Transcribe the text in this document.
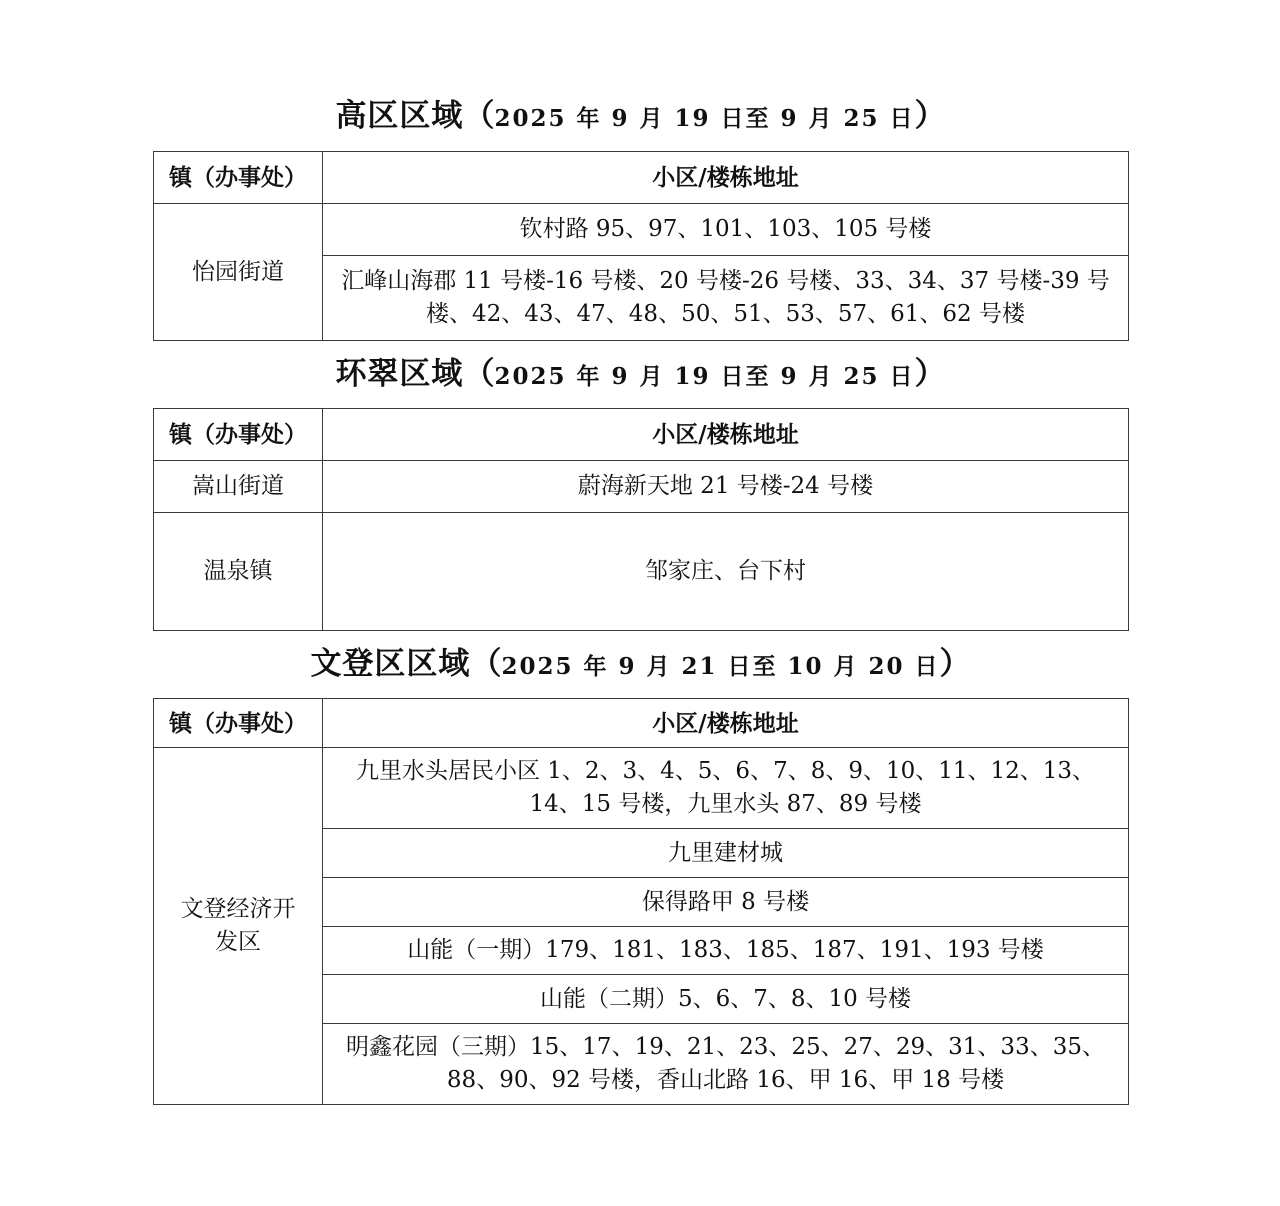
高区区域（2025 年 9 月 19 日至 9 月 25 日）
镇（办事处）	小区/楼栋地址
怡园街道	钦村路 95、97、101、103、105 号楼
	汇峰山海郡 11 号楼-16 号楼、20 号楼-26 号楼、33、34、37 号楼-39 号楼、42、43、47、48、50、51、53、57、61、62 号楼
环翠区域（2025 年 9 月 19 日至 9 月 25 日）
镇（办事处）	小区/楼栋地址
嵩山街道	蔚海新天地 21 号楼-24 号楼
温泉镇	邹家庄、台下村
文登区区域（2025 年 9 月 21 日至 10 月 20 日）
镇（办事处）	小区/楼栋地址
文登经济开发区	九里水头居民小区 1、2、3、4、5、6、7、8、9、10、11、12、13、14、15 号楼，九里水头 87、89 号楼
	九里建材城
	保得路甲 8 号楼
	山能（一期）179、181、183、185、187、191、193 号楼
	山能（二期）5、6、7、8、10 号楼
	明鑫花园（三期）15、17、19、21、23、25、27、29、31、33、35、88、90、92 号楼，香山北路 16、甲 16、甲 18 号楼
